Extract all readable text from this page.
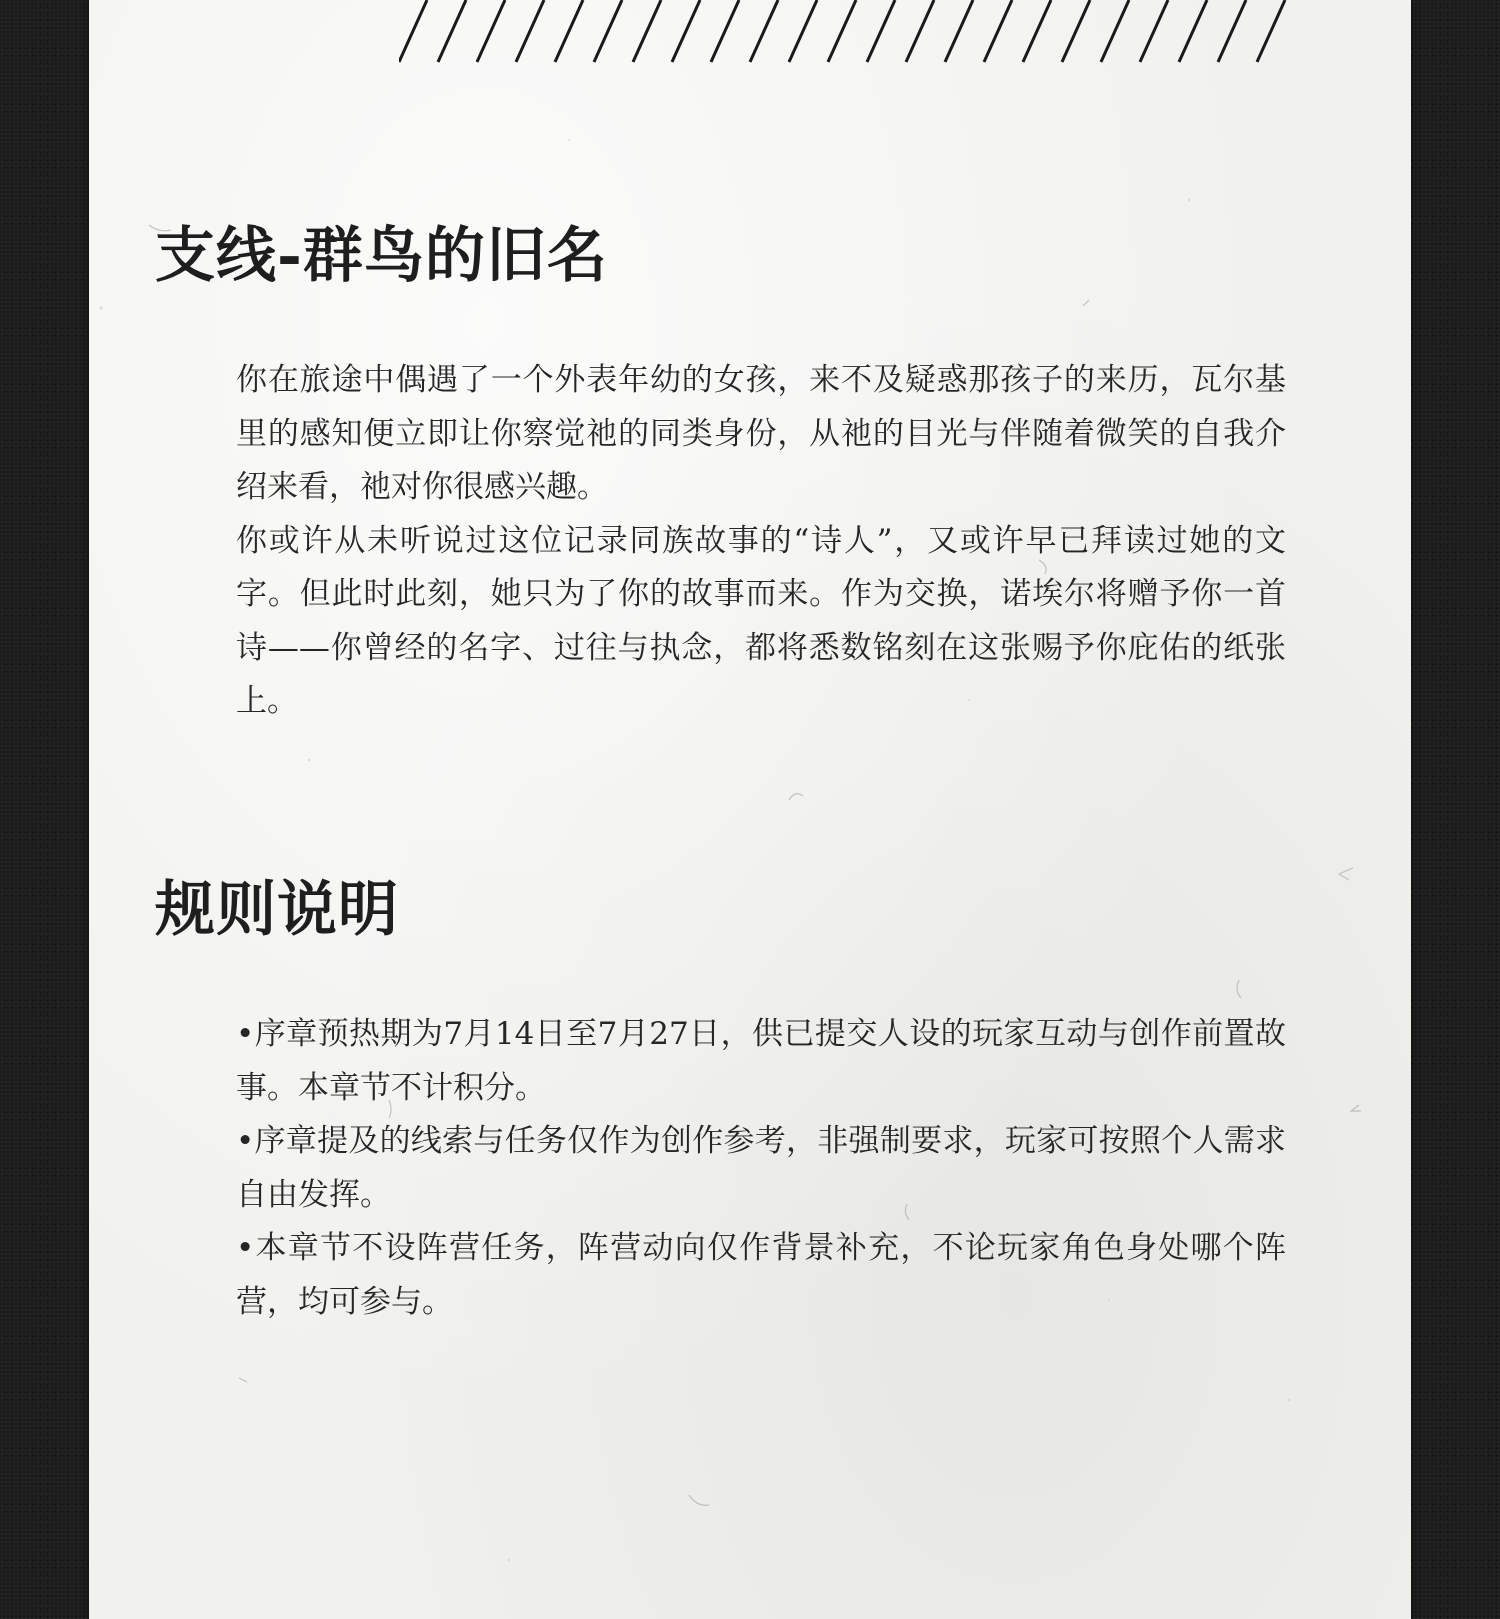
支线-群鸟的旧名

你在旅途中偶遇了一个外表年幼的女孩，来不及疑惑那孩子的来历，瓦尔基里的感知便立即让你察觉祂的同类身份，从祂的目光与伴随着微笑的自我介绍来看，祂对你很感兴趣。

你或许从未听说过这位记录同族故事的“诗人”，又或许早已拜读过她的文字。但此时此刻，她只为了你的故事而来。作为交换，诺埃尔将赠予你一首诗——你曾经的名字、过往与执念，都将悉数铭刻在这张赐予你庇佑的纸张上。

规则说明

•序章预热期为7月14日至7月27日，供已提交人设的玩家互动与创作前置故事。本章节不计积分。

•序章提及的线索与任务仅作为创作参考，非强制要求，玩家可按照个人需求自由发挥。

•本章节不设阵营任务，阵营动向仅作背景补充，不论玩家角色身处哪个阵营，均可参与。
